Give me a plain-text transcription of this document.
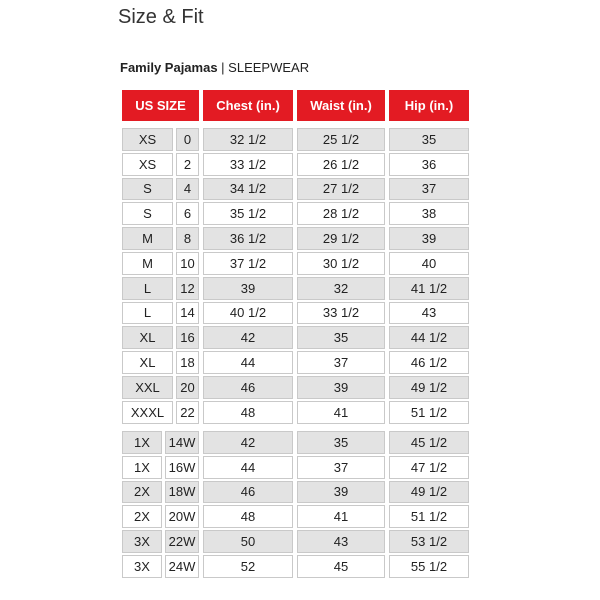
Size & Fit
Family Pajamas | SLEEPWEAR
US SIZE	Chest (in.)	Waist (in.)	Hip (in.)
XS	0	32 1/2	25 1/2	35
XS	2	33 1/2	26 1/2	36
S	4	34 1/2	27 1/2	37
S	6	35 1/2	28 1/2	38
M	8	36 1/2	29 1/2	39
M	10	37 1/2	30 1/2	40
L	12	39	32	41 1/2
L	14	40 1/2	33 1/2	43
XL	16	42	35	44 1/2
XL	18	44	37	46 1/2
XXL	20	46	39	49 1/2
XXXL	22	48	41	51 1/2
1X	14W	42	35	45 1/2
1X	16W	44	37	47 1/2
2X	18W	46	39	49 1/2
2X	20W	48	41	51 1/2
3X	22W	50	43	53 1/2
3X	24W	52	45	55 1/2
